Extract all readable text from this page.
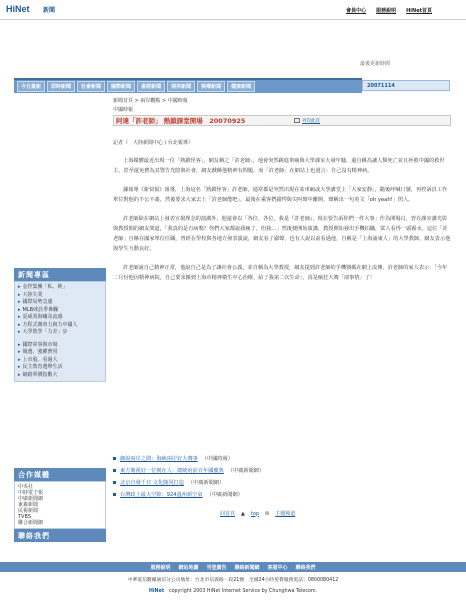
HiNet 新聞	會員中心 服務說明 HiNet首頁
最後更新時間
今日最新	即時新聞	社會新聞	國際新聞	產經新聞	兩岸新聞	娛樂新聞	健康新聞	20071114
新聞專區
▸ 金控集團「私、鈍」
▸ 大陸失業
▸ 國際局勢急遽
▸ MLB球員季專欄
▸ 夏威夷海嘯及流感
▸ 方程式賽車力與力中國人
▸ 大學教學「力差」步
▸ 國際軍事與市場
▸ 競選、強權費用
▸ 上市股、看過大
▸ 民主教育選舉生活
▸ 網路單價指數大
合作媒體
中央社
中時電子報
中廣新聞網
東森新聞
民視新聞
TVBS
聯合新聞網
聯絡我們
新聞首頁 > 兩岸觀點 > 中國時報
中國時報
阿達「許老師」 熱鎖課堂開場　20070925	列印此頁
記者（　大陸新聞中心 / 台北報導）

上海媒體最近出現一位「熱鎖怪客」，網友稱之「許老師」，他會突然跳進車廂與大學課室大發牢騷，還自稱為讓人類死亡並且拯救中國的救世主，甚至還免費為其警告光陰與社會，網友戲稱他精神有問題，而「許老師」在網站上也迴言：自己沒有精神病。

據報導《新快報》報導，上海這名「熱鎖怪客」許老師，通常都是突然出現在某車廂或大學講堂上「大家安靜」，隨後呼喊口號，再控訴員工作單位對他的不公不義，然後要求大家去上「許老師能吧」，最後在乘客們錯愕與尖叫聲中離開，聲稱出一句英文「oh yeah!」閃人。

許老師除在網站上發表宣揚理念的演講外，他還會以「各位、各位，我是『許老師』，現在要告訴你們一件大事」作為開場白，曾在課室講光影與教授間的網友問道，「我真的是有病嗎？你們大家都說我瘋了，但我…」然後便開始演講，教授開始發出手機拍攝，眾人看得一頭霧水。這位「許老師」自稱在國家單位任職，曾經在學校與各地方發表演說，網友看了鄙聲，也有人說以前看過他，自稱是「上海浦東人」的大學教師，網友表示他與學生互動良好。

許老師說自己精神正常，他說自己是為了讓社會公義，並自稱為大學教授，網友提到許老師的手機號碼在網上流傳，許老師的家人表示：「今年二月份他因精神病院，自己要求搬到上海市精神衛生中心治療，給了我第二次生命」，真是瘋狂大賽「卻事情」了！

細說兩岸之間：海峽兩岸好大賽事 （中國時報）
東方衛視好一位實在人：總統府前百年國慶典 （中廣新聞網）
北京自發千日 文化隨同打造 （中廣新聞網）
台灣政上最大空隙：924溫州新空氣 （中廣新聞網）
回首頁 ▲ top ✉ 主題頻道
服務說明 網站地圖 刊登廣告 聯絡新聞網 客服中心 聯絡我們
中華電信數據通信分公司地址：台北市信義路一段21號　全國24小時免費服務電話：0800080412
HiNet　 copyright 2003 HiNet Internet Service by Chunghwa Telecom.
